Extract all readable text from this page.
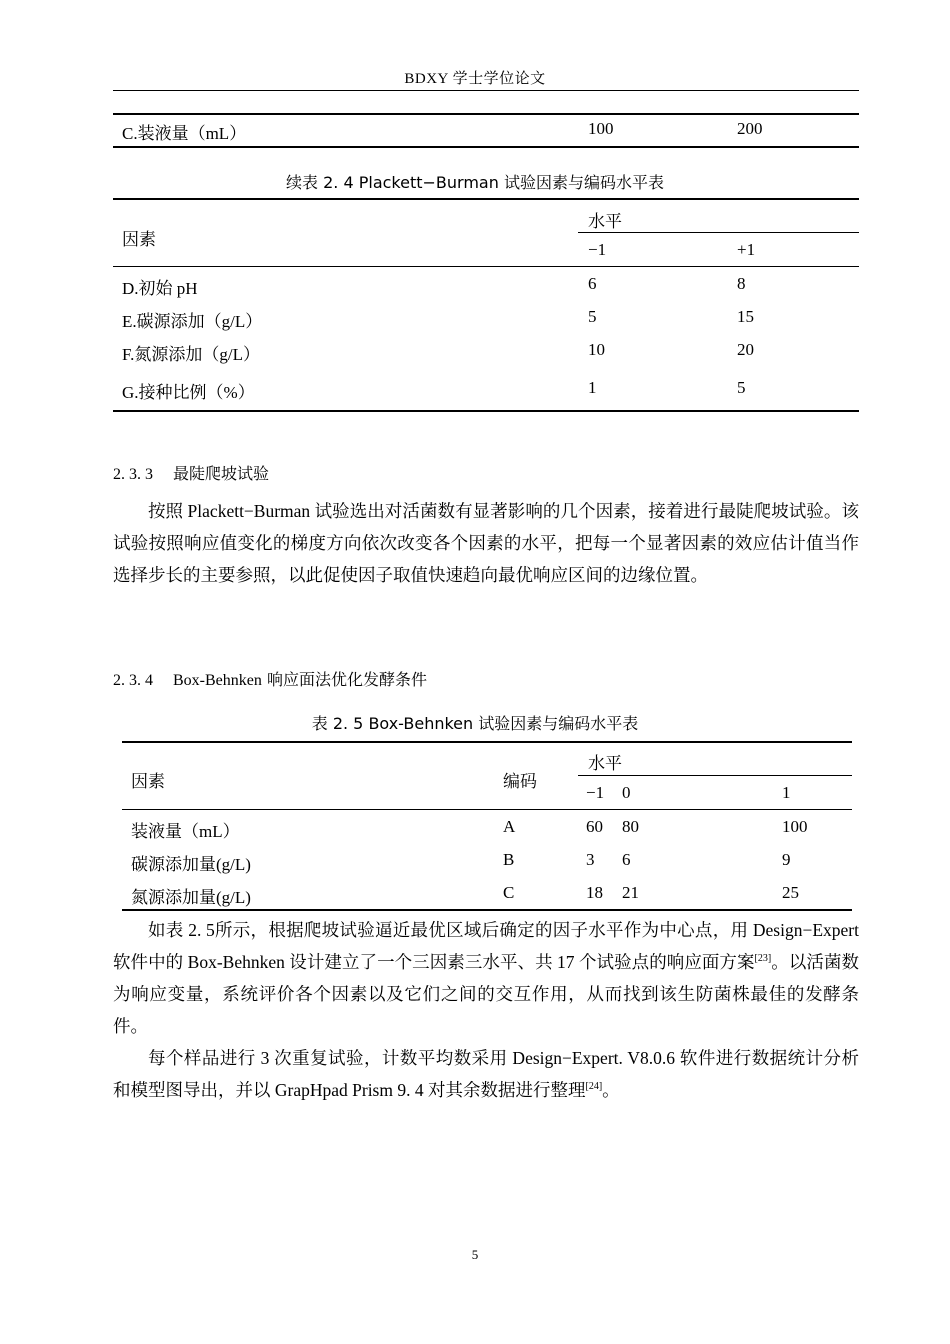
BDXY 学士学位论文
C.装液量（mL）	100	200
续表 2. 4 Plackett−Burman 试验因素与编码水平表
因素
水平
−1	+1
D.初始 pH	6	8
E.碳源添加（g/L）	5	15
F.氮源添加（g/L）	10	20
G.接种比例（%）	1	5
2. 3. 3 最陡爬坡试验
按照 Plackett−Burman 试验选出对活菌数有显著影响的几个因素，接着进行最陡爬坡试验。该试验按照响应值变化的梯度方向依次改变各个因素的水平，把每一个显著因素的效应估计值当作选择步长的主要参照，以此促使因子取值快速趋向最优响应区间的边缘位置。
2. 3. 4 Box-Behnken 响应面法优化发酵条件
表 2. 5 Box-Behnken 试验因素与编码水平表
因素	编码
水平
−1 0	1
装液量（mL）	A	60 80	100
碳源添加量(g/L)	B	3 6	9
氮源添加量(g/L)	C	18 21	25
如表 2. 5所示，根据爬坡试验逼近最优区域后确定的因子水平作为中心点，用 Design−Expert 软件中的 Box-Behnken 设计建立了一个三因素三水平、共 17 个试验点的响应面方案[23]。以活菌数为响应变量，系统评价各个因素以及它们之间的交互作用，从而找到该生防菌株最佳的发酵条件。
每个样品进行 3 次重复试验，计数平均数采用 Design−Expert. V8.0.6 软件进行数据统计分析和模型图导出，并以 GrapHpad Prism 9. 4 对其余数据进行整理[24]。
5
